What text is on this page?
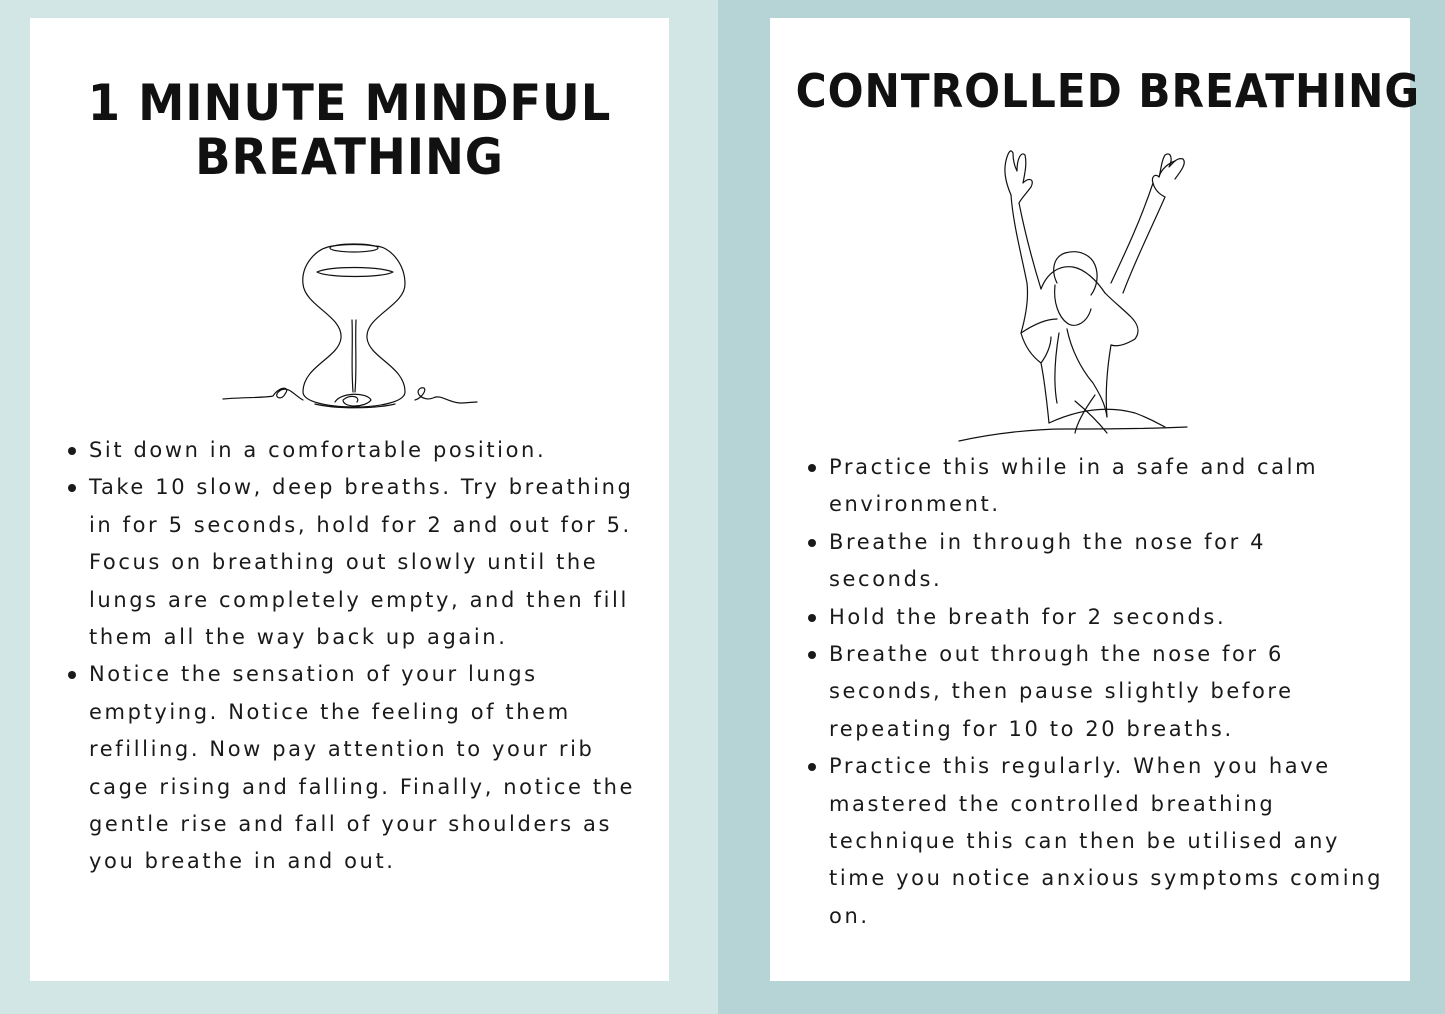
1 MINUTE MINDFUL BREATHING
Sit down in a comfortable position.
Take 10 slow, deep breaths. Try breathing in for 5 seconds, hold for 2 and out for 5. Focus on breathing out slowly until the lungs are completely empty, and then fill them all the way back up again.
Notice the sensation of your lungs emptying. Notice the feeling of them refilling. Now pay attention to your rib cage rising and falling. Finally, notice the gentle rise and fall of your shoulders as you breathe in and out.
CONTROLLED BREATHING
Practice this while in a safe and calm environment.
Breathe in through the nose for 4 seconds.
Hold the breath for 2 seconds.
Breathe out through the nose for 6 seconds, then pause slightly before repeating for 10 to 20 breaths.
Practice this regularly. When you have mastered the controlled breathing technique this can then be utilised any time you notice anxious symptoms coming on.
